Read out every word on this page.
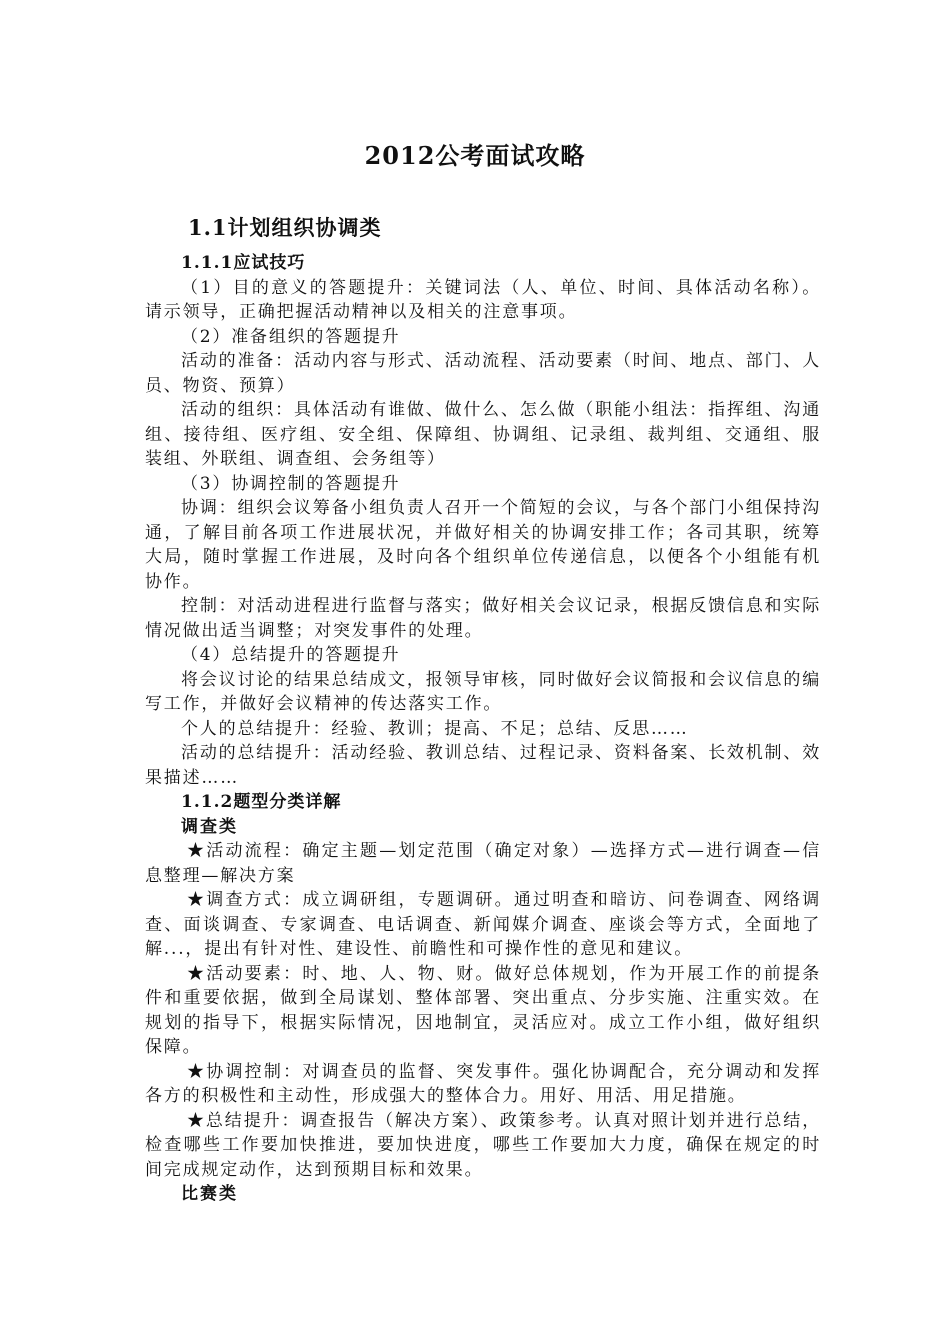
2012公考面试攻略
1.1计划组织协调类

1.1.1应试技巧

（1）目的意义的答题提升：关键词法（人、单位、时间、具体活动名称）。请示领导，正确把握活动精神以及相关的注意事项。

（2）准备组织的答题提升

活动的准备：活动内容与形式、活动流程、活动要素（时间、地点、部门、人员、物资、预算）

活动的组织：具体活动有谁做、做什么、怎么做（职能小组法：指挥组、沟通组、接待组、医疗组、安全组、保障组、协调组、记录组、裁判组、交通组、服装组、外联组、调查组、会务组等）

（3）协调控制的答题提升

协调：组织会议筹备小组负责人召开一个简短的会议，与各个部门小组保持沟通，了解目前各项工作进展状况，并做好相关的协调安排工作；各司其职，统筹大局，随时掌握工作进展，及时向各个组织单位传递信息，以便各个小组能有机协作。

控制：对活动进程进行监督与落实；做好相关会议记录，根据反馈信息和实际情况做出适当调整；对突发事件的处理。

（4）总结提升的答题提升

将会议讨论的结果总结成文，报领导审核，同时做好会议简报和会议信息的编写工作，并做好会议精神的传达落实工作。

个人的总结提升：经验、教训；提高、不足；总结、反思……

活动的总结提升：活动经验、教训总结、过程记录、资料备案、长效机制、效果描述……

1.1.2题型分类详解

调查类

★活动流程：确定主题—划定范围（确定对象）—选择方式—进行调查—信息整理—解决方案

★调查方式：成立调研组，专题调研。通过明查和暗访、问卷调查、网络调查、面谈调查、专家调查、电话调查、新闻媒介调查、座谈会等方式，全面地了解...，提出有针对性、建设性、前瞻性和可操作性的意见和建议。

★活动要素：时、地、人、物、财。做好总体规划，作为开展工作的前提条件和重要依据，做到全局谋划、整体部署、突出重点、分步实施、注重实效。在规划的指导下，根据实际情况，因地制宜，灵活应对。成立工作小组，做好组织保障。

★协调控制：对调查员的监督、突发事件。强化协调配合，充分调动和发挥各方的积极性和主动性，形成强大的整体合力。用好、用活、用足措施。

★总结提升：调查报告（解决方案）、政策参考。认真对照计划并进行总结，检查哪些工作要加快推进，要加快进度，哪些工作要加大力度，确保在规定的时间完成规定动作，达到预期目标和效果。

比赛类
